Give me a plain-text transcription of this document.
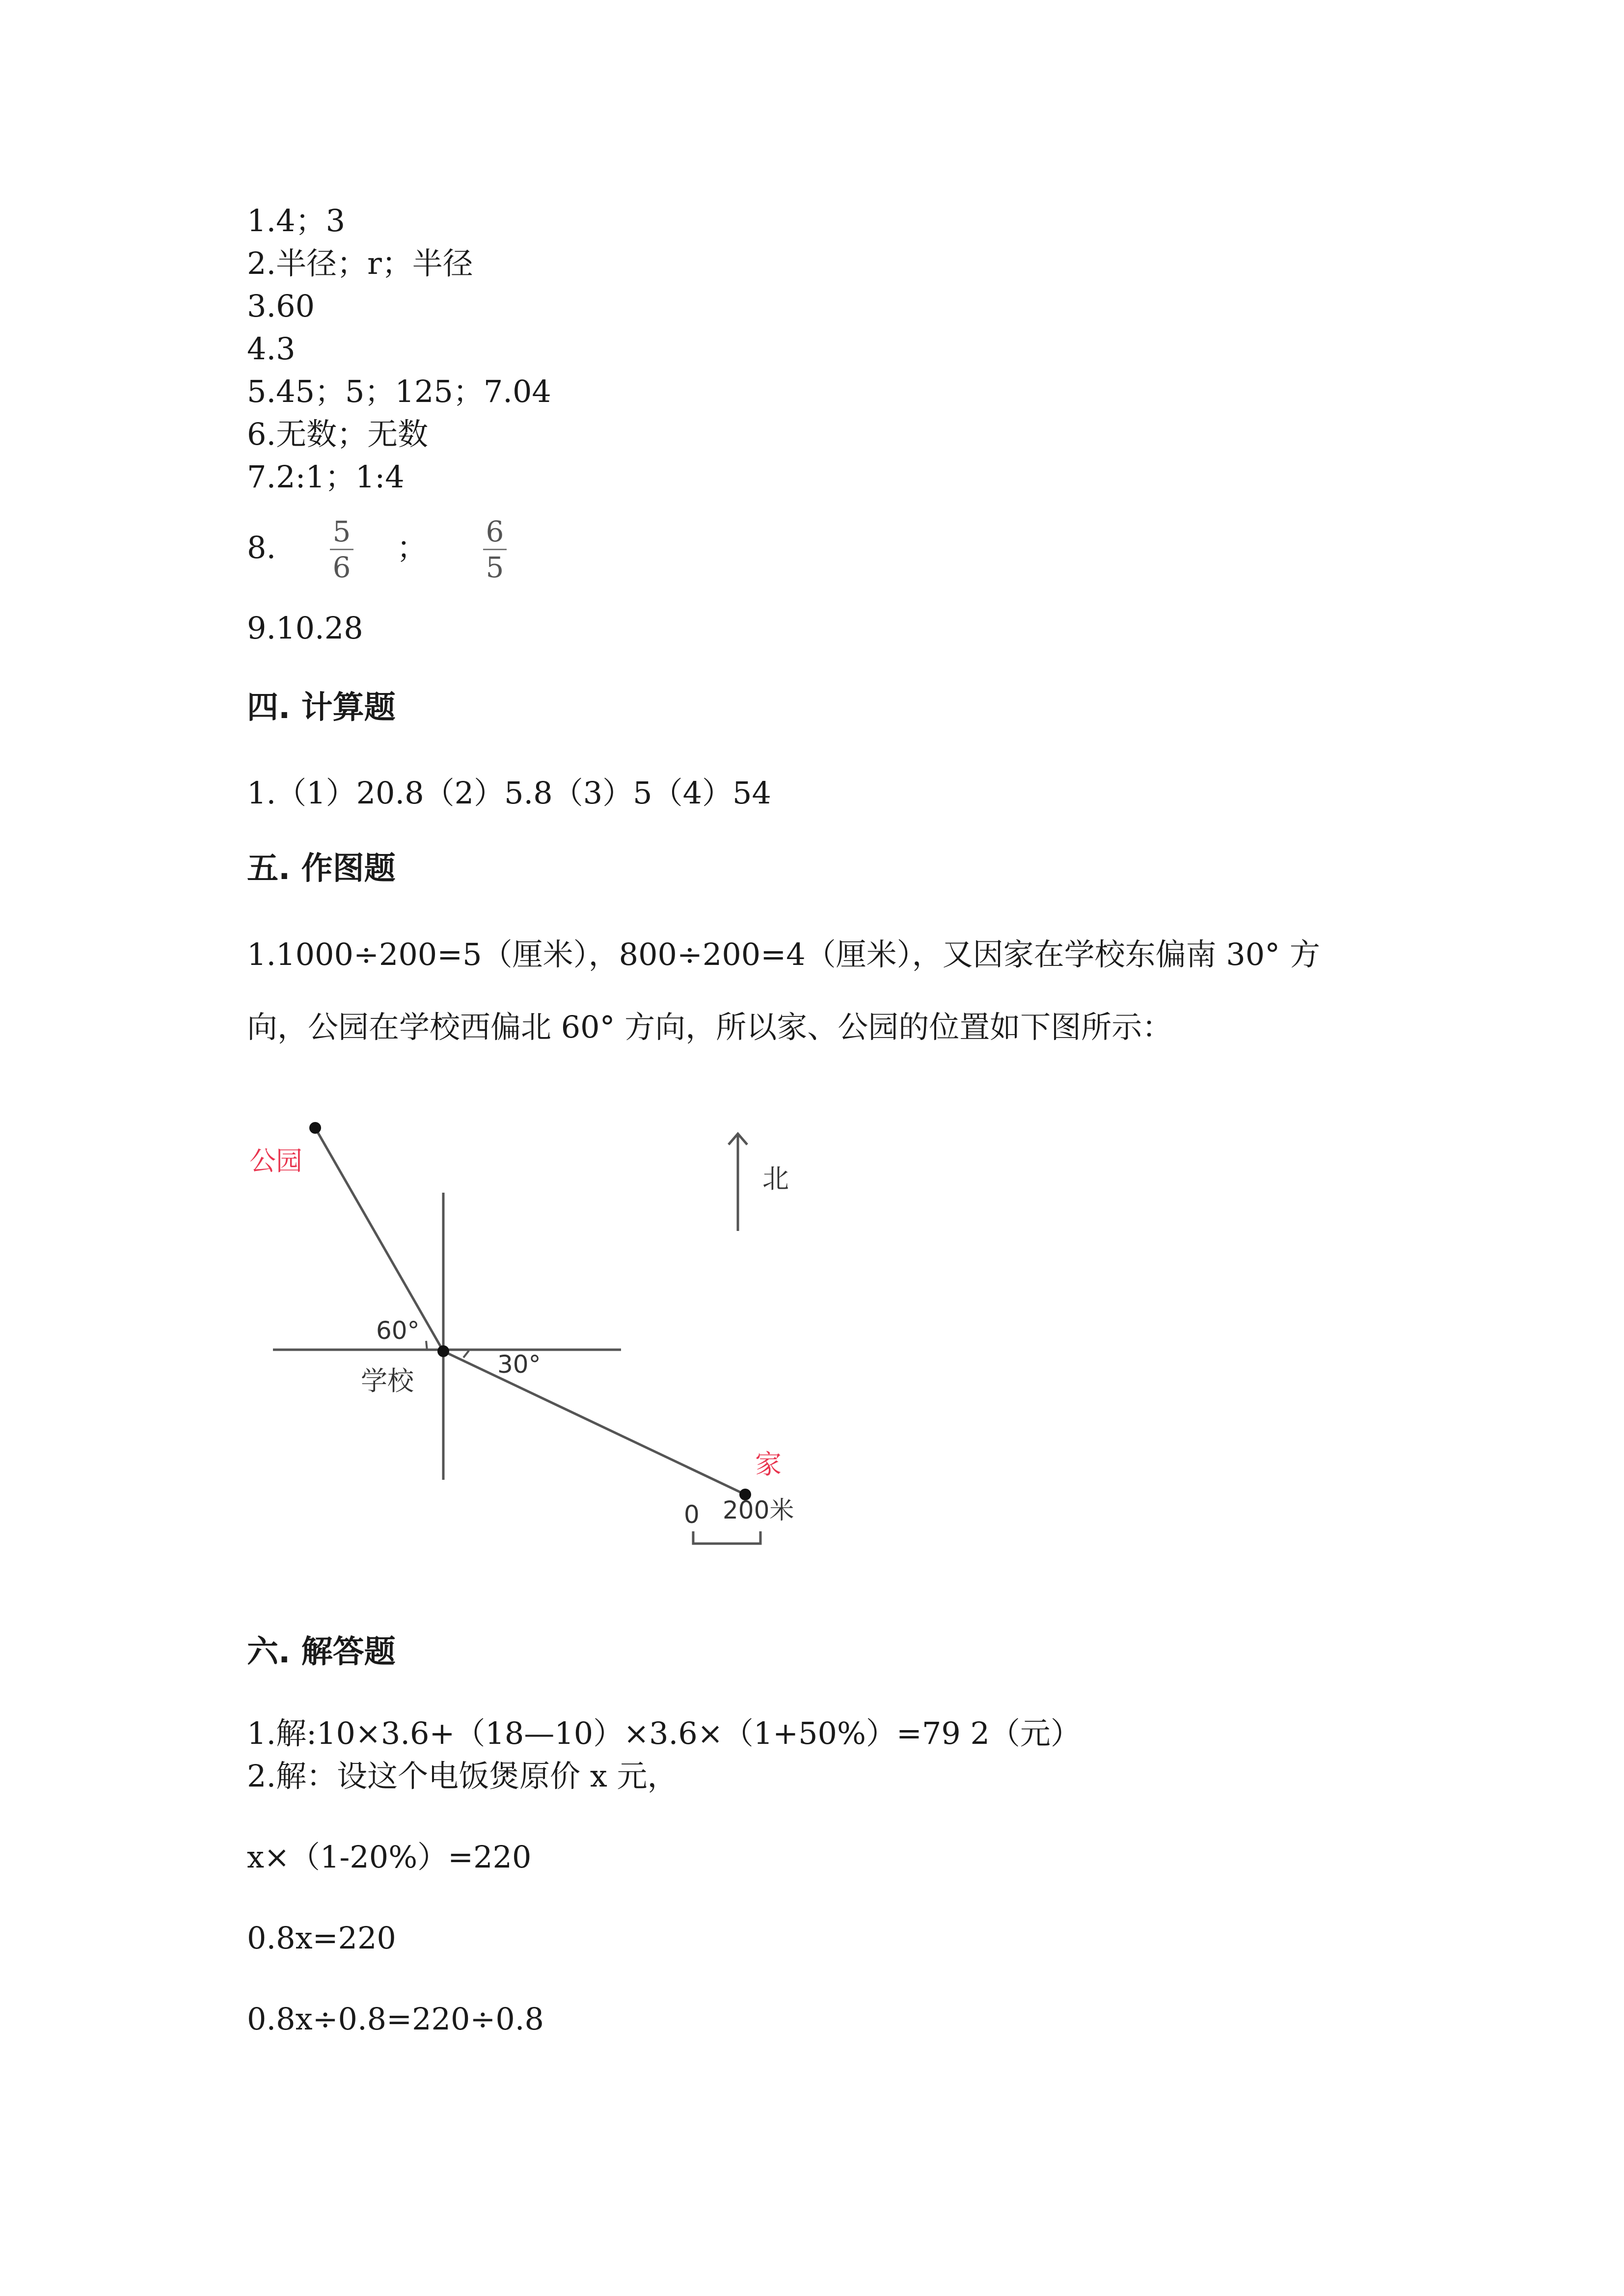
1.4；3
2.半径；r；半径
3.60
4.3
5.45；5；125；7.04
6.无数；无数
7.2:1；1:4
8. 5
6
； 6
5
9.10.28
四. 计算题
1.（1）20.8（2）5.8（3）5（4）54
五. 作图题
1.1000÷200=5（厘米），800÷200=4（厘米），又因家在学校东偏南 30° 方
向，公园在学校西偏北 60° 方向，所以家、公园的位置如下图所示：
公园
北
60°
学校
30°
家
0 200米
六. 解答题
1.解:10×3.6+（18—10）×3.6×（1+50%）=79 2（元）
2.解：设这个电饭煲原价 x 元，
x×（1-20%）=220
0.8x=220
0.8x÷0.8=220÷0.8
